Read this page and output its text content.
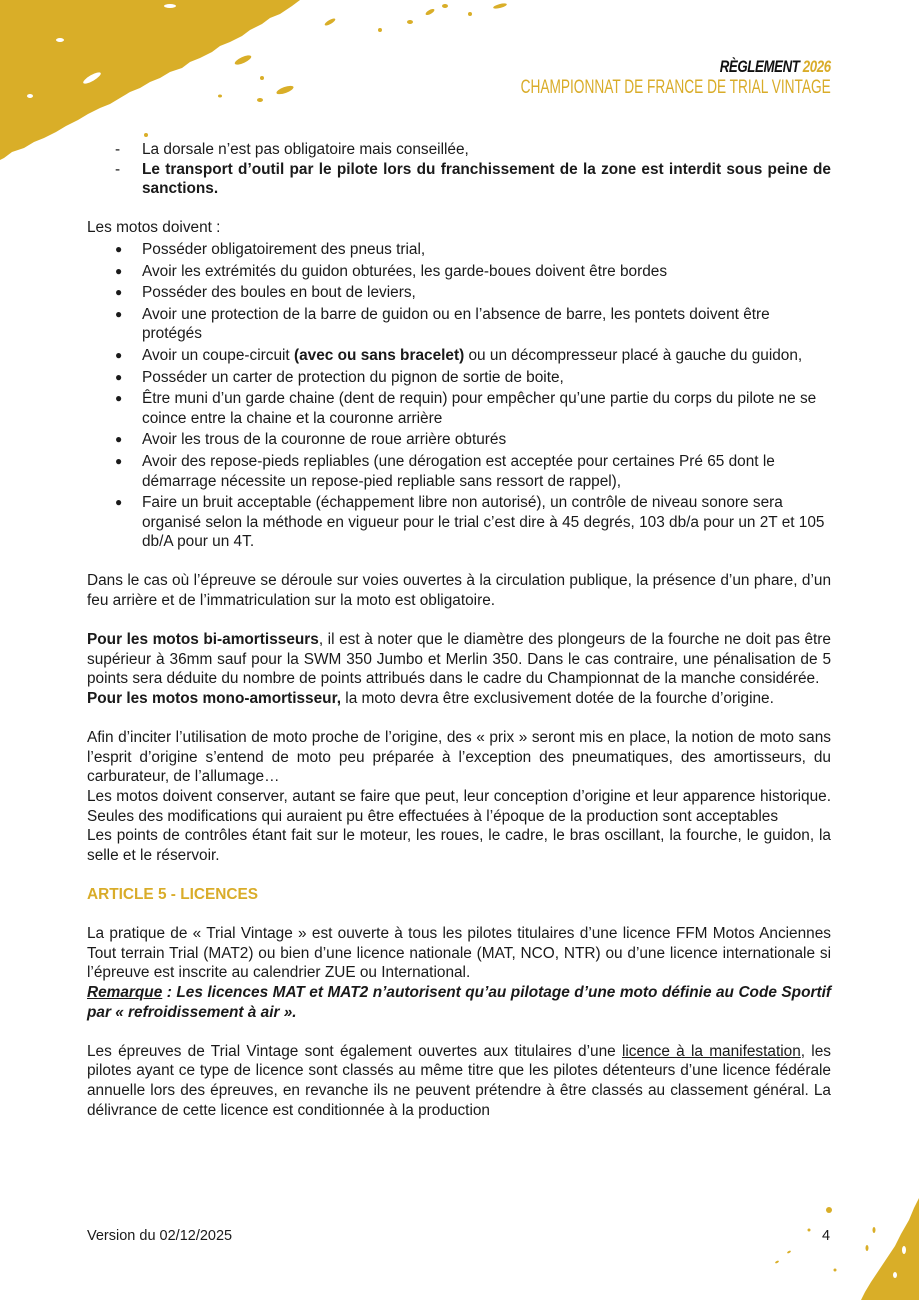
RÈGLEMENT 2026
CHAMPIONNAT DE FRANCE DE TRIAL VINTAGE
- La dorsale n’est pas obligatoire mais conseillée,
- Le transport d’outil par le pilote lors du franchissement de la zone est interdit sous peine de sanctions.

Les motos doivent :

● Posséder obligatoirement des pneus trial,
● Avoir les extrémités du guidon obturées, les garde-boues doivent être bordes
● Posséder des boules en bout de leviers,
● Avoir une protection de la barre de guidon ou en l’absence de barre, les pontets doivent être protégés
● Avoir un coupe-circuit (avec ou sans bracelet) ou un décompresseur placé à gauche du guidon,
● Posséder un carter de protection du pignon de sortie de boite,
● Être muni d’un garde chaine (dent de requin) pour empêcher qu’une partie du corps du pilote ne se coince entre la chaine et la couronne arrière
● Avoir les trous de la couronne de roue arrière obturés
● Avoir des repose-pieds repliables (une dérogation est acceptée pour certaines Pré 65 dont le démarrage nécessite un repose-pied repliable sans ressort de rappel),
● Faire un bruit acceptable (échappement libre non autorisé), un contrôle de niveau sonore sera organisé selon la méthode en vigueur pour le trial c’est dire à 45 degrés, 103 db/a pour un 2T et 105 db/A pour un 4T.

Dans le cas où l’épreuve se déroule sur voies ouvertes à la circulation publique, la présence d’un phare, d’un feu arrière et de l’immatriculation sur la moto est obligatoire.

Pour les motos bi-amortisseurs, il est à noter que le diamètre des plongeurs de la fourche ne doit pas être supérieur à 36mm sauf pour la SWM 350 Jumbo et Merlin 350. Dans le cas contraire, une pénalisation de 5 points sera déduite du nombre de points attribués dans le cadre du Championnat de la manche considérée.

Pour les motos mono-amortisseur, la moto devra être exclusivement dotée de la fourche d’origine.

Afin d’inciter l’utilisation de moto proche de l’origine, des « prix » seront mis en place, la notion de moto sans l’esprit d’origine s’entend de moto peu préparée à l’exception des pneumatiques, des amortisseurs, du carburateur, de l’allumage…

Les motos doivent conserver, autant se faire que peut, leur conception d’origine et leur apparence historique. Seules des modifications qui auraient pu être effectuées à l’époque de la production sont acceptables

Les points de contrôles étant fait sur le moteur, les roues, le cadre, le bras oscillant, la fourche, le guidon, la selle et le réservoir.

ARTICLE 5 - LICENCES

La pratique de « Trial Vintage » est ouverte à tous les pilotes titulaires d’une licence FFM Motos Anciennes Tout terrain Trial (MAT2) ou bien d’une licence nationale (MAT, NCO, NTR) ou d’une licence internationale si l’épreuve est inscrite au calendrier ZUE ou International.

Remarque : Les licences MAT et MAT2 n’autorisent qu’au pilotage d’une moto définie au Code Sportif par « refroidissement à air ».

Les épreuves de Trial Vintage sont également ouvertes aux titulaires d’une licence à la manifestation, les pilotes ayant ce type de licence sont classés au même titre que les pilotes détenteurs d’une licence fédérale annuelle lors des épreuves, en revanche ils ne peuvent prétendre à être classés au classement général. La délivrance de cette licence est conditionnée à la production

Version du 02/12/2025	4
